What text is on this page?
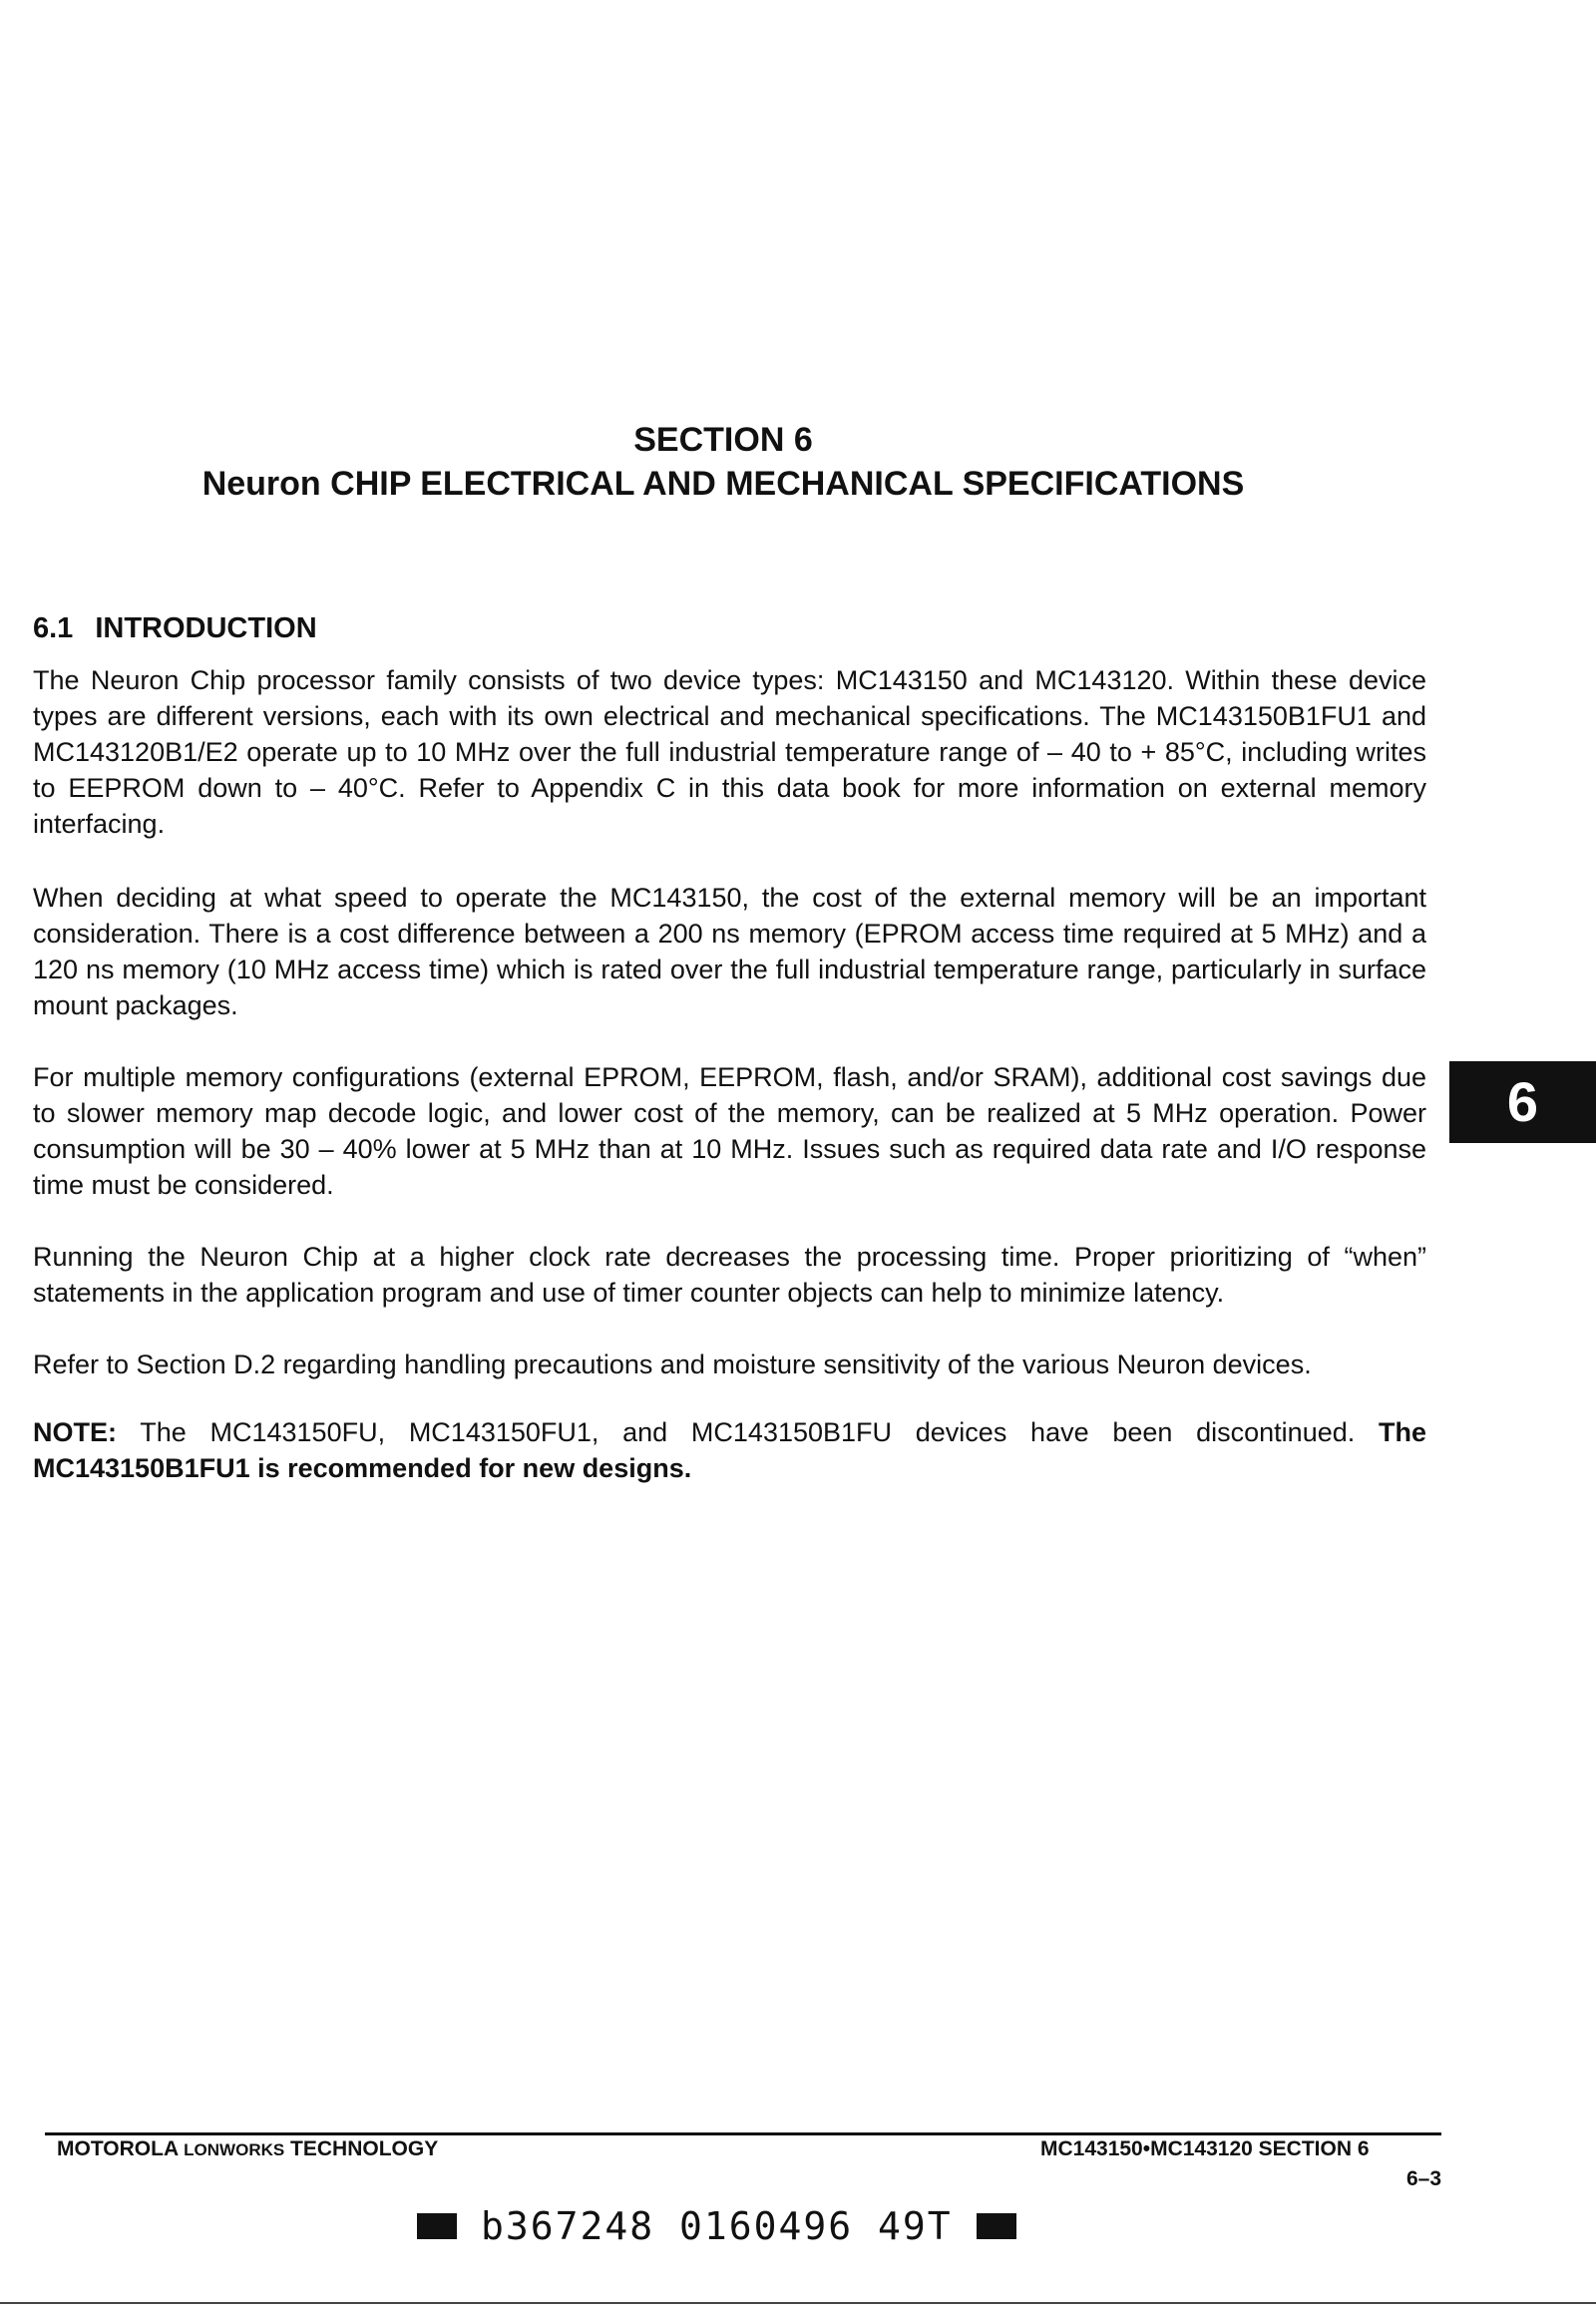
SECTION 6
Neuron CHIP ELECTRICAL AND MECHANICAL SPECIFICATIONS
6.1 INTRODUCTION

The Neuron Chip processor family consists of two device types: MC143150 and MC143120. Within these device types are different versions, each with its own electrical and mechanical specifications. The MC143150B1FU1 and MC143120B1/E2 operate up to 10 MHz over the full industrial temperature range of – 40 to + 85°C, including writes to EEPROM down to – 40°C. Refer to Appendix C in this data book for more information on external memory interfacing.

When deciding at what speed to operate the MC143150, the cost of the external memory will be an important consideration. There is a cost difference between a 200 ns memory (EPROM access time required at 5 MHz) and a 120 ns memory (10 MHz access time) which is rated over the full industrial temperature range, particularly in surface mount packages.

For multiple memory configurations (external EPROM, EEPROM, flash, and/or SRAM), additional cost savings due to slower memory map decode logic, and lower cost of the memory, can be realized at 5 MHz operation. Power consumption will be 30 – 40% lower at 5 MHz than at 10 MHz. Issues such as required data rate and I/O response time must be considered.

Running the Neuron Chip at a higher clock rate decreases the processing time. Proper prioritizing of “when” statements in the application program and use of timer counter objects can help to minimize latency.

Refer to Section D.2 regarding handling precautions and moisture sensitivity of the various Neuron devices.

NOTE: The MC143150FU, MC143150FU1, and MC143150B1FU devices have been discontinued. The MC143150B1FU1 is recommended for new designs.

6
MOTOROLA LONWORKS TECHNOLOGY	MC143150•MC143120 SECTION 6
6–3
b367248 0160496 49T
